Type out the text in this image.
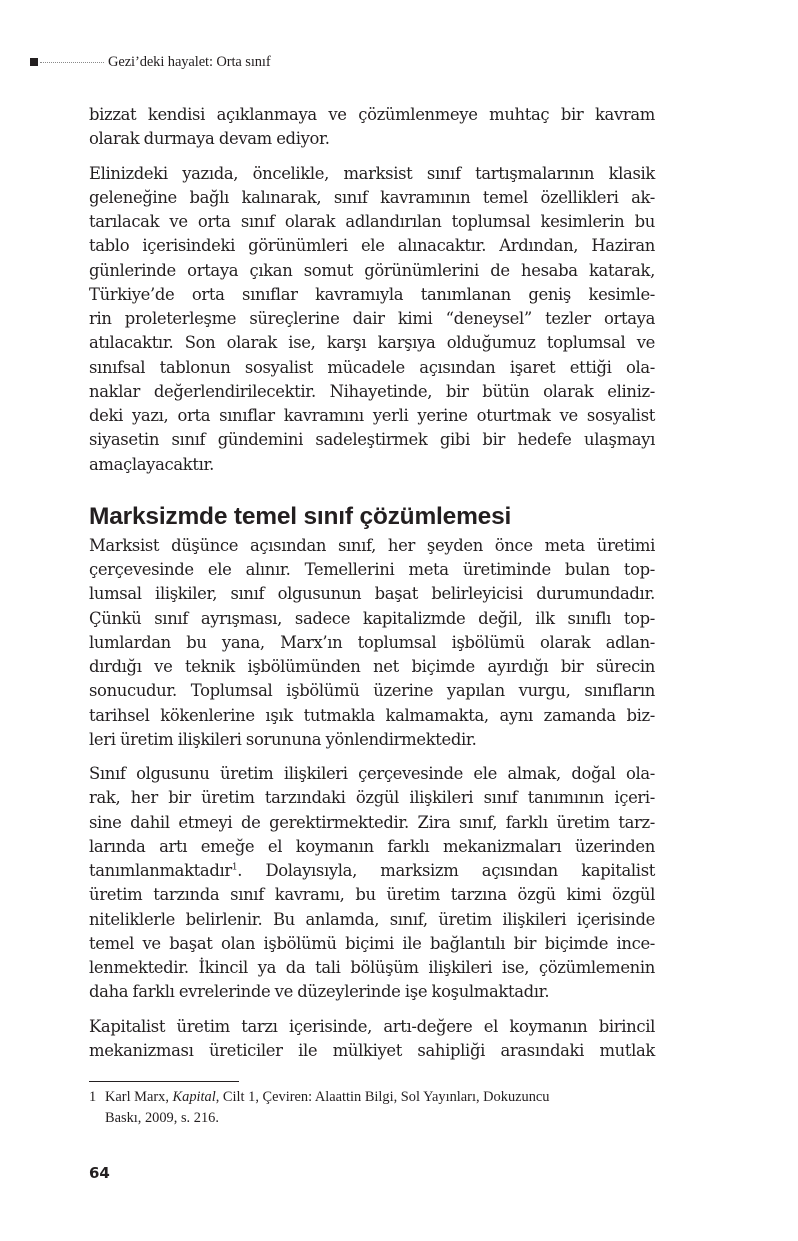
Gezi’deki hayalet: Orta sınıf

bizzat kendisi açıklanmaya ve çözümlenmeye muhtaç bir kavram
olarak durmaya devam ediyor.

Elinizdeki yazıda, öncelikle, marksist sınıf tartışmalarının klasik
geleneğine bağlı kalınarak, sınıf kavramının temel özellikleri ak-
tarılacak ve orta sınıf olarak adlandırılan toplumsal kesimlerin bu
tablo içerisindeki görünümleri ele alınacaktır. Ardından, Haziran
günlerinde ortaya çıkan somut görünümlerini de hesaba katarak,
Türkiye’de orta sınıflar kavramıyla tanımlanan geniş kesimle-
rin proleterleşme süreçlerine dair kimi “deneysel” tezler ortaya
atılacaktır. Son olarak ise, karşı karşıya olduğumuz toplumsal ve
sınıfsal tablonun sosyalist mücadele açısından işaret ettiği ola-
naklar değerlendirilecektir. Nihayetinde, bir bütün olarak eliniz-
deki yazı, orta sınıflar kavramını yerli yerine oturtmak ve sosyalist
siyasetin sınıf gündemini sadeleştirmek gibi bir hedefe ulaşmayı
amaçlayacaktır.

Marksizmde temel sınıf çözümlemesi

Marksist düşünce açısından sınıf, her şeyden önce meta üretimi
çerçevesinde ele alınır. Temellerini meta üretiminde bulan top-
lumsal ilişkiler, sınıf olgusunun başat belirleyicisi durumundadır.
Çünkü sınıf ayrışması, sadece kapitalizmde değil, ilk sınıflı top-
lumlardan bu yana, Marx’ın toplumsal işbölümü olarak adlan-
dırdığı ve teknik işbölümünden net biçimde ayırdığı bir sürecin
sonucudur. Toplumsal işbölümü üzerine yapılan vurgu, sınıfların
tarihsel kökenlerine ışık tutmakla kalmamakta, aynı zamanda biz-
leri üretim ilişkileri sorununa yönlendirmektedir.

Sınıf olgusunu üretim ilişkileri çerçevesinde ele almak, doğal ola-
rak, her bir üretim tarzındaki özgül ilişkileri sınıf tanımının içeri-
sine dahil etmeyi de gerektirmektedir. Zira sınıf, farklı üretim tarz-
larında artı emeğe el koymanın farklı mekanizmaları üzerinden
tanımlanmaktadır$^1$. Dolayısıyla, marksizm açısından kapitalist
üretim tarzında sınıf kavramı, bu üretim tarzına özgü kimi özgül
niteliklerle belirlenir. Bu anlamda, sınıf, üretim ilişkileri içerisinde
temel ve başat olan işbölümü biçimi ile bağlantılı bir biçimde ince-
lenmektedir. İkincil ya da tali bölüşüm ilişkileri ise, çözümlemenin
daha farklı evrelerinde ve düzeylerinde işe koşulmaktadır.

Kapitalist üretim tarzı içerisinde, artı-değere el koymanın birincil
mekanizması üreticiler ile mülkiyet sahipliği arasındaki mutlak

1 Karl Marx, Kapital, Cilt 1, Çeviren: Alaattin Bilgi, Sol Yayınları, Dokuzuncu
Baskı, 2009, s. 216.
64
